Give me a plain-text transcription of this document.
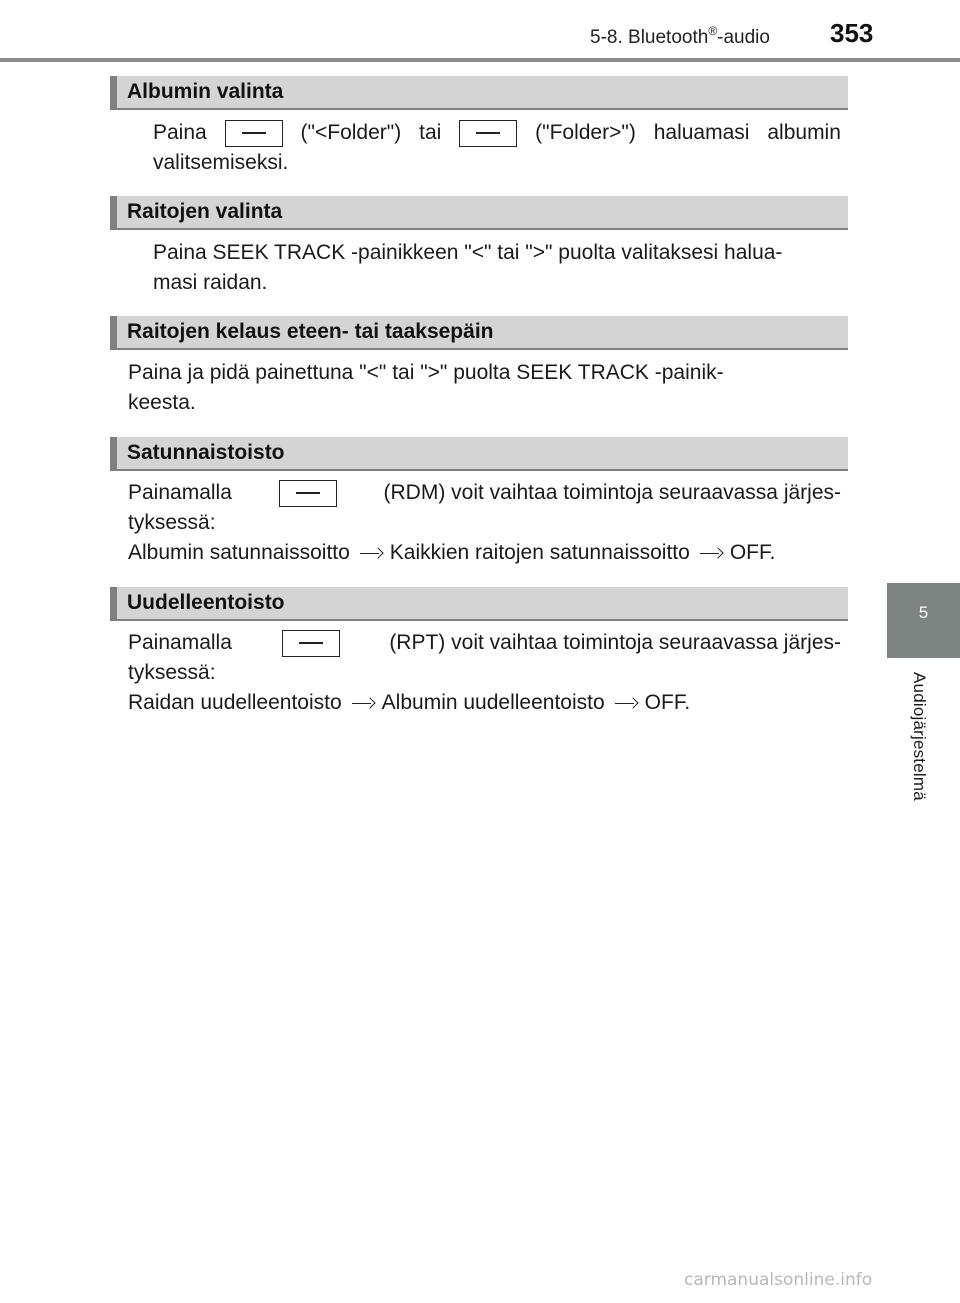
5-8. Bluetooth®-audio 353
5
Audiojärjestelmä
Albumin valinta
Paina	("<Folder") tai	("Folder>") haluamasi albumin
valitsemiseksi.
Raitojen valinta
Paina SEEK TRACK -painikkeen "<" tai ">" puolta valitaksesi halua-
masi raidan.
Raitojen kelaus eteen- tai taaksepäin
Paina ja pidä painettuna "<" tai ">" puolta SEEK TRACK -painik-
keesta.
Satunnaistoisto
Painamalla	(RDM) voit vaihtaa toimintoja seuraavassa järjes-
tyksessä:
Albumin satunnaissoitto Kaikkien raitojen satunnaissoitto OFF.
Uudelleentoisto
Painamalla	(RPT) voit vaihtaa toimintoja seuraavassa järjes-
tyksessä:
Raidan uudelleentoisto Albumin uudelleentoisto OFF.
carmanualsonline.info
